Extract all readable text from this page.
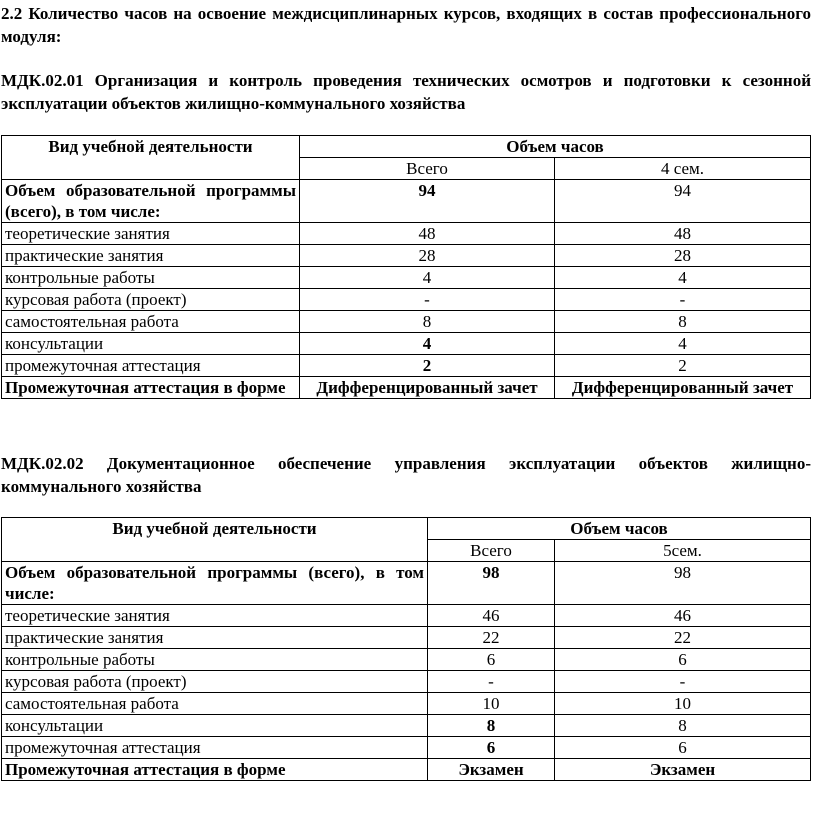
2.2 Количество часов на освоение междисциплинарных курсов, входящих в состав профессионального модуля:
МДК.02.01 Организация и контроль проведения технических осмотров и подготовки к сезонной эксплуатации объектов жилищно-коммунального хозяйства
Вид учебной деятельности	Объем часов	
	Всего	4 сем.
Объем образовательной программы (всего), в том числе:	94	94
теоретические занятия	48	48
практические занятия	28	28
контрольные работы	4	4
курсовая работа (проект)	-	-
самостоятельная работа	8	8
консультации	4	4
промежуточная аттестация	2	2
Промежуточная аттестация в форме	Дифференцированный зачет	Дифференцированный зачет
МДК.02.02 Документационное обеспечение управления эксплуатации объектов жилищно-коммунального хозяйства
Вид учебной деятельности	Объем часов	
	Всего	5сем.
Объем образовательной программы (всего), в том числе:	98	98
теоретические занятия	46	46
практические занятия	22	22
контрольные работы	6	6
курсовая работа (проект)	-	-
самостоятельная работа	10	10
консультации	8	8
промежуточная аттестация	6	6
Промежуточная аттестация в форме	Экзамен	Экзамен
